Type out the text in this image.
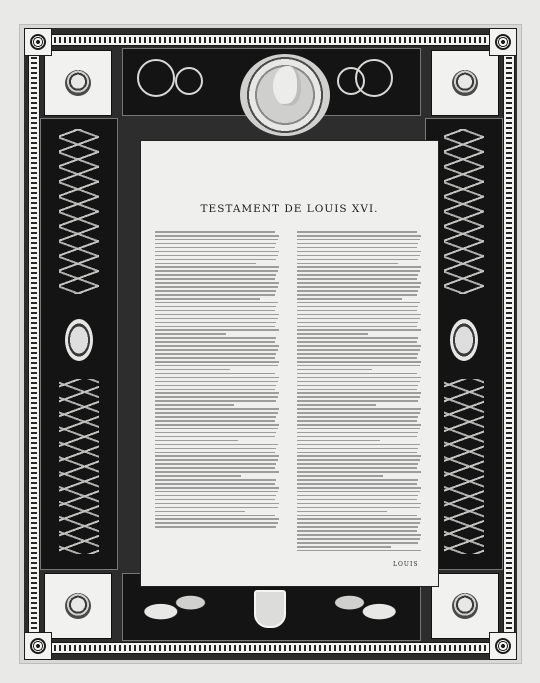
TESTAMENT DE LOUIS XVI.
LOUIS
